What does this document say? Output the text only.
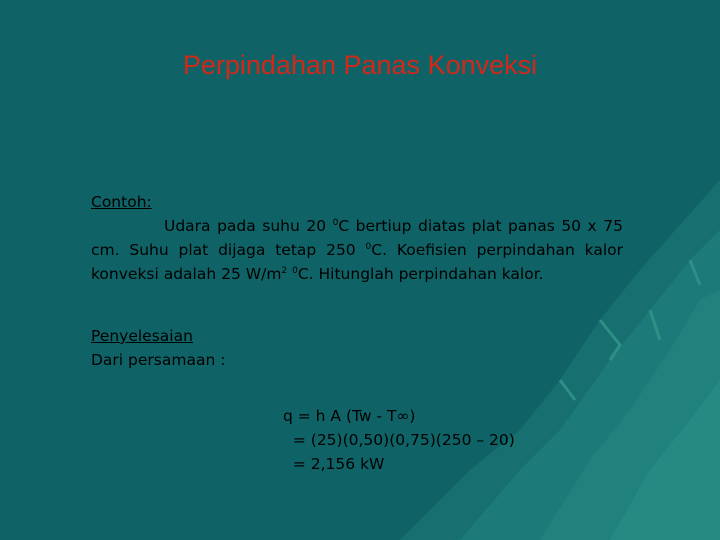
Perpindahan Panas Konveksi
Contoh:
Udara pada suhu 20 $^0$C bertiup diatas plat panas 50 x 75 cm. Suhu plat dijaga tetap 250 $^0$C. Koefisien perpindahan kalor konveksi adalah 25 $W/m^2$ $^0$C. Hitunglah perpindahan kalor.
Penyelesaian
Dari persamaan :
q = h A (Tw - T∞)
= (25)(0,50)(0,75)(250 – 20)
= 2,156 kW
